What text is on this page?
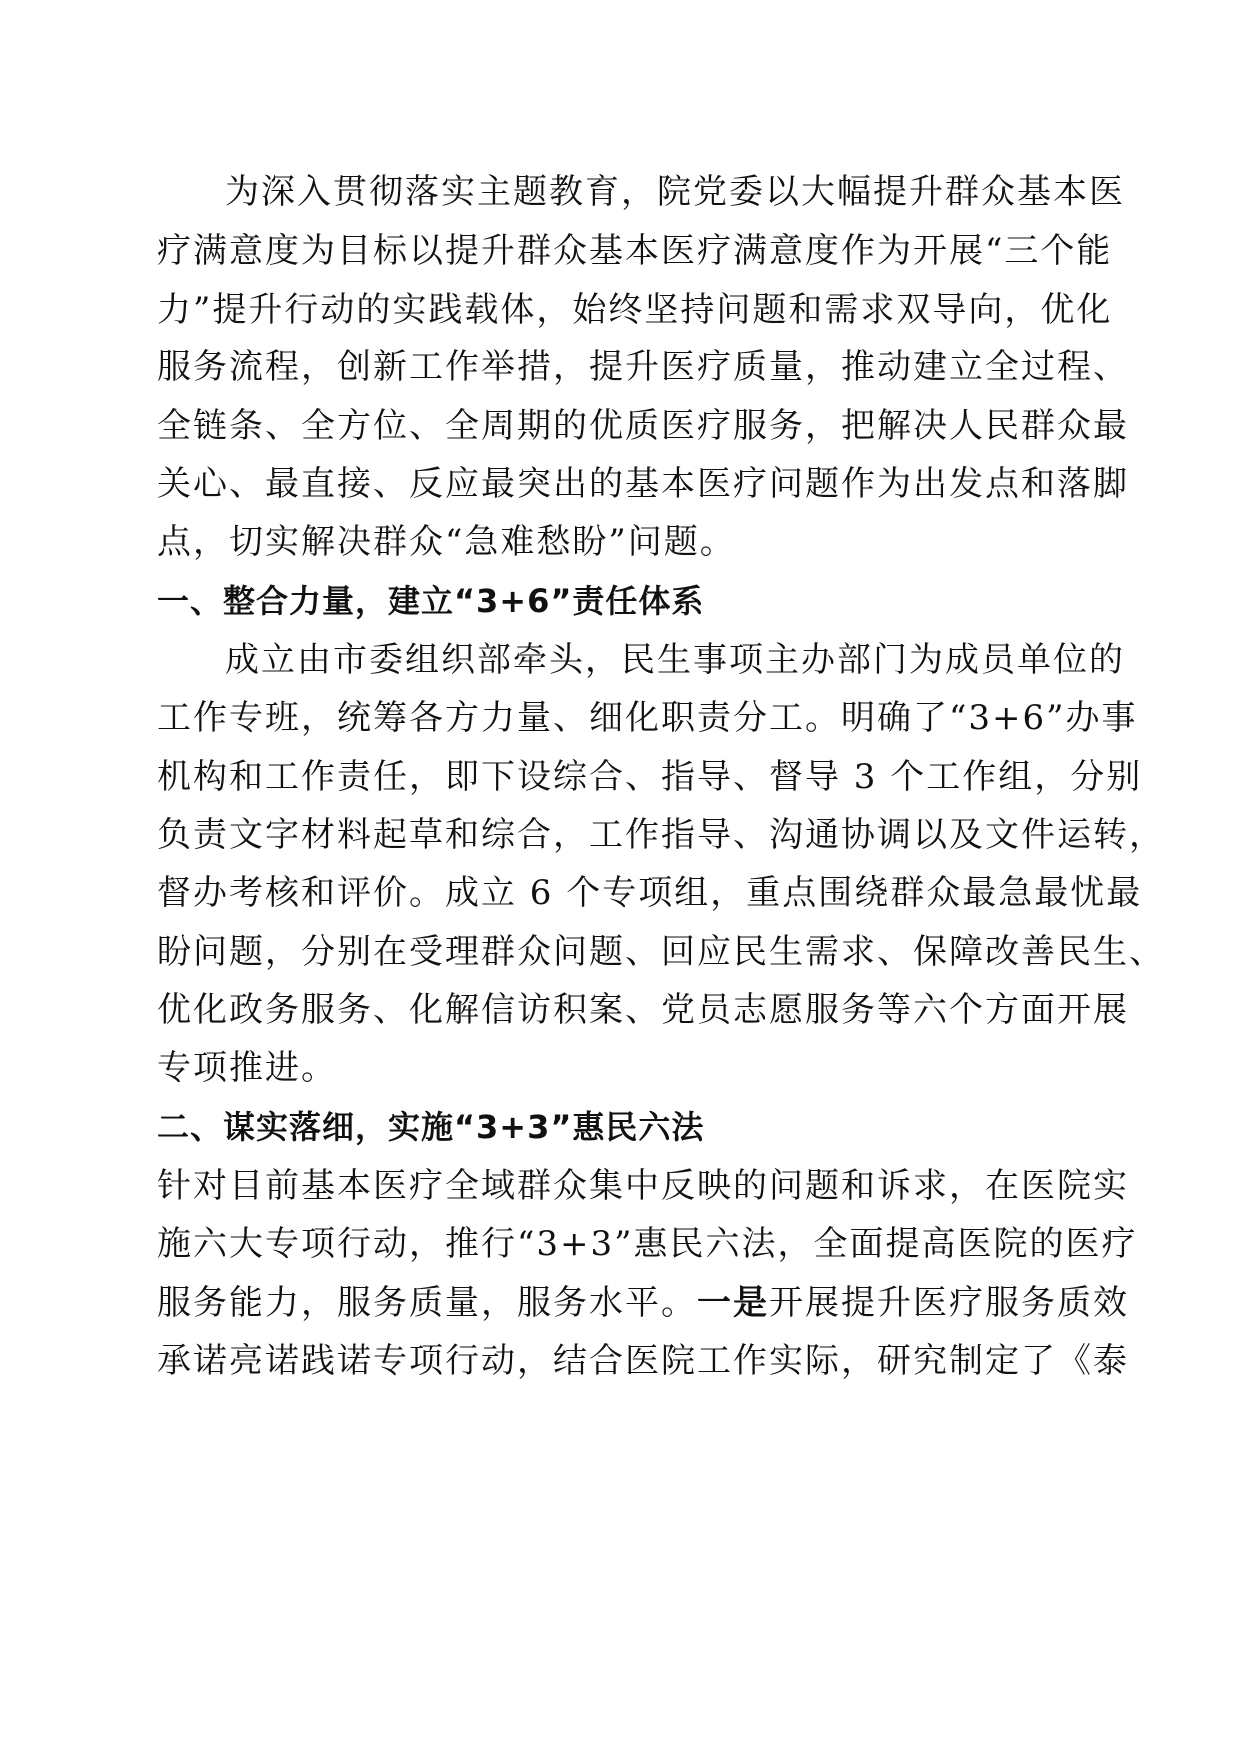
为深入贯彻落实主题教育，院党委以大幅提升群众基本医
疗满意度为目标以提升群众基本医疗满意度作为开展“三个能
力”提升行动的实践载体，始终坚持问题和需求双导向，优化
服务流程，创新工作举措，提升医疗质量，推动建立全过程、
全链条、全方位、全周期的优质医疗服务，把解决人民群众最
关心、最直接、反应最突出的基本医疗问题作为出发点和落脚
点，切实解决群众“急难愁盼”问题。
一、整合力量，建立“3+6”责任体系
成立由市委组织部牵头，民生事项主办部门为成员单位的
工作专班，统筹各方力量、细化职责分工。明确了“3+6”办事
机构和工作责任，即下设综合、指导、督导 3 个工作组，分别
负责文字材料起草和综合，工作指导、沟通协调以及文件运转，
督办考核和评价。成立 6 个专项组，重点围绕群众最急最忧最
盼问题，分别在受理群众问题、回应民生需求、保障改善民生、
优化政务服务、化解信访积案、党员志愿服务等六个方面开展
专项推进。
二、谋实落细，实施“3+3”惠民六法
针对目前基本医疗全域群众集中反映的问题和诉求，在医院实
施六大专项行动，推行“3+3”惠民六法，全面提高医院的医疗
服务能力，服务质量，服务水平。一是开展提升医疗服务质效
承诺亮诺践诺专项行动，结合医院工作实际，研究制定了《泰
